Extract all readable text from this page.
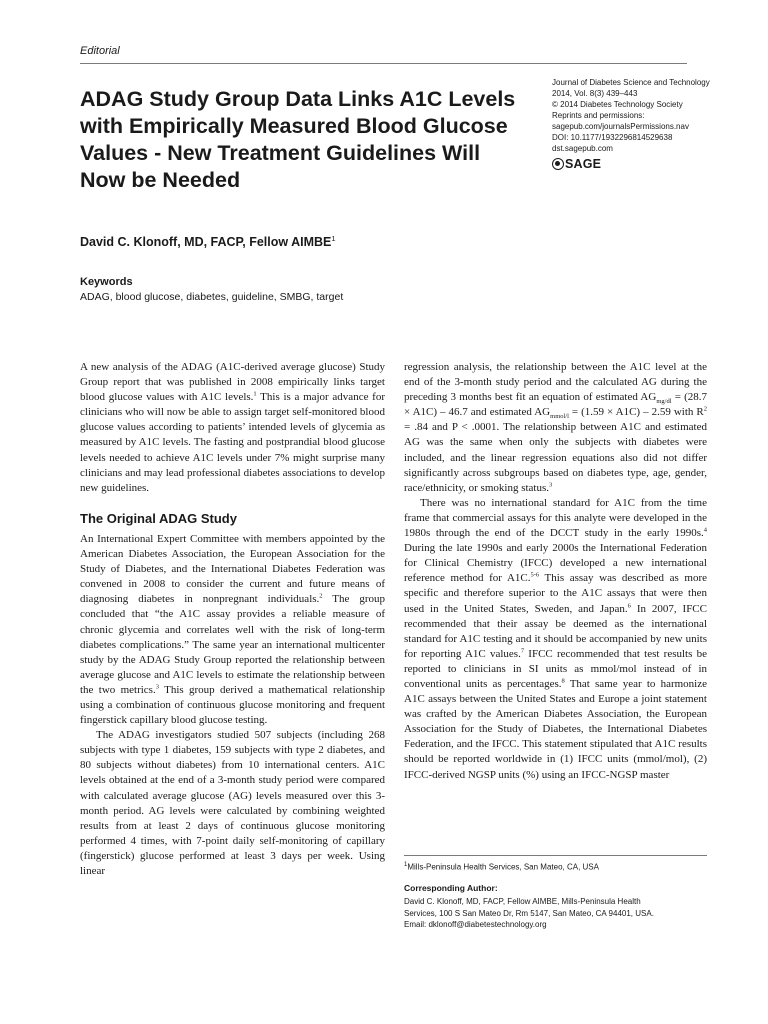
Editorial
ADAG Study Group Data Links A1C Levels with Empirically Measured Blood Glucose Values - New Treatment Guidelines Will Now be Needed
Journal of Diabetes Science and Technology
2014, Vol. 8(3) 439–443
© 2014 Diabetes Technology Society
Reprints and permissions:
sagepub.com/journalsPermissions.nav
DOI: 10.1177/1932296814529638
dst.sagepub.com
SAGE
David C. Klonoff, MD, FACP, Fellow AIMBE$^1$
Keywords
ADAG, blood glucose, diabetes, guideline, SMBG, target

A new analysis of the ADAG (A1C-derived average glucose) Study Group report that was published in 2008 empirically links target blood glucose values with A1C levels.$^1$ This is a major advance for clinicians who will now be able to assign target self-monitored blood glucose values according to patients’ intended levels of glycemia as measured by A1C levels. The fasting and postprandial blood glucose levels needed to achieve A1C levels under 7% might surprise many clinicians and may lead professional diabetes associations to develop new guidelines.

The Original ADAG Study

An International Expert Committee with members appointed by the American Diabetes Association, the European Association for the Study of Diabetes, and the International Diabetes Federation was convened in 2008 to consider the current and future means of diagnosing diabetes in nonpregnant individuals.$^2$ The group concluded that “the A1C assay provides a reliable measure of chronic glycemia and correlates well with the risk of long-term diabetes complications.” The same year an international multicenter study by the ADAG Study Group reported the relationship between average glucose and A1C levels to estimate the relationship between the two metrics.$^3$ This group derived a mathematical relationship using a combination of continuous glucose monitoring and frequent fingerstick capillary blood glucose testing.

The ADAG investigators studied 507 subjects (including 268 subjects with type 1 diabetes, 159 subjects with type 2 diabetes, and 80 subjects without diabetes) from 10 international centers. A1C levels obtained at the end of a 3-month study period were compared with calculated average glucose (AG) levels measured over this 3-month period. AG levels were calculated by combining weighted results from at least 2 days of continuous glucose monitoring performed 4 times, with 7-point daily self-monitoring of capillary (fingerstick) glucose performed at least 3 days per week. Using linear

regression analysis, the relationship between the A1C level at the end of the 3-month study period and the calculated AG during the preceding 3 months best fit an equation of estimated $AG_{mg/dl} = (28.7 \times A1C) - 46.7$ and estimated $AG_{mmol/l} = (1.59 \times A1C) - 2.59$ with $R^2 = .84$ and P < .0001. The relationship between A1C and estimated AG was the same when only the subjects with diabetes were included, and the linear regression equations also did not differ significantly across subgroups based on diabetes type, age, gender, race/ethnicity, or smoking status.$^3$

There was no international standard for A1C from the time frame that commercial assays for this analyte were developed in the 1980s through the end of the DCCT study in the early 1990s.$^4$ During the late 1990s and early 2000s the International Federation for Clinical Chemistry (IFCC) developed a new international reference method for A1C.$^{5-6}$ This assay was described as more specific and therefore superior to the A1C assays that were then used in the United States, Sweden, and Japan.$^6$ In 2007, IFCC recommended that their assay be deemed as the international standard for A1C testing and it should be accompanied by new units for reporting A1C values.$^7$ IFCC recommended that test results be reported to clinicians in SI units as mmol/mol instead of in conventional units as percentages.$^8$ That same year to harmonize A1C assays between the United States and Europe a joint statement was crafted by the American Diabetes Association, the European Association for the Study of Diabetes, the International Diabetes Federation, and the IFCC. This statement stipulated that A1C results should be reported worldwide in (1) IFCC units (mmol/mol), (2) IFCC-derived NGSP units (%) using an IFCC-NGSP master

$^1$Mills-Peninsula Health Services, San Mateo, CA, USA
Corresponding Author:
David C. Klonoff, MD, FACP, Fellow AIMBE, Mills-Peninsula Health
Services, 100 S San Mateo Dr, Rm 5147, San Mateo, CA 94401, USA.
Email: dklonoff@diabetestechnology.org
